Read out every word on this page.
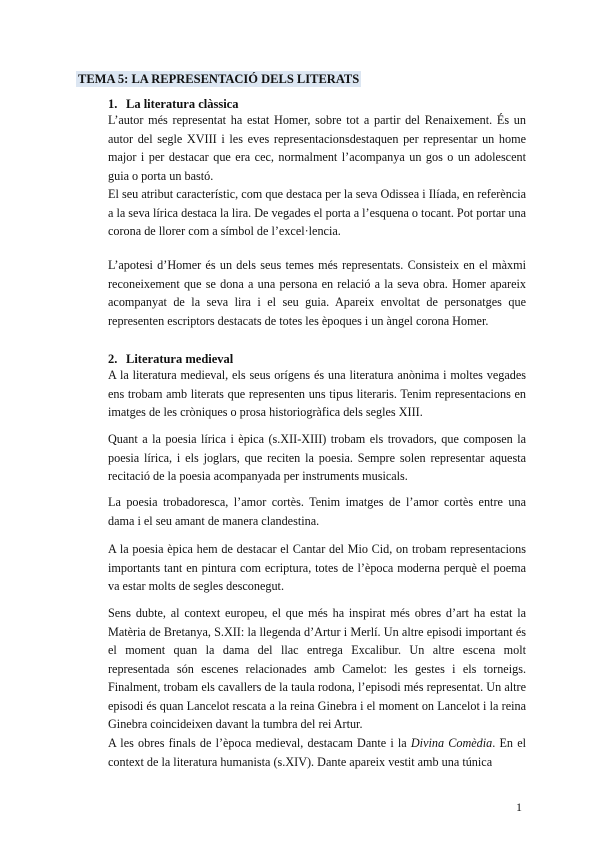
TEMA 5: LA REPRESENTACIÓ DELS LITERATS
1. La literatura clàssica

L’autor més representat ha estat Homer, sobre tot a partir del Renaixement. És un autor del segle XVIII i les eves representacionsdestaquen per representar un home major i per destacar que era cec, normalment l’acompanya un gos o un adolescent guia o porta un bastó.

El seu atribut característic, com que destaca per la seva Odissea i Ilíada, en referència a la seva lírica destaca la lira. De vegades el porta a l’esquena o tocant. Pot portar una corona de llorer com a símbol de l’excel·lencia.

L’apotesi d’Homer és un dels seus temes més representats. Consisteix en el màxmi reconeixement que se dona a una persona en relació a la seva obra. Homer apareix acompanyat de la seva lira i el seu guia. Apareix envoltat de personatges que representen escriptors destacats de totes les èpoques i un àngel corona Homer.

2. Literatura medieval

A la literatura medieval, els seus orígens és una literatura anònima i moltes vegades ens trobam amb literats que representen uns tipus literaris. Tenim representacions en imatges de les cròniques o prosa historiogràfica dels segles XIII.

Quant a la poesia lírica i èpica (s.XII-XIII) trobam els trovadors, que composen la poesia lírica, i els joglars, que reciten la poesia. Sempre solen representar aquesta recitació de la poesia acompanyada per instruments musicals.

La poesia trobadoresca, l’amor cortès. Tenim imatges de l’amor cortès entre una dama i el seu amant de manera clandestina.

A la poesia èpica hem de destacar el Cantar del Mio Cid, on trobam representacions importants tant en pintura com ecriptura, totes de l’època moderna perquè el poema va estar molts de segles desconegut.

Sens dubte, al context europeu, el que més ha inspirat més obres d’art ha estat la Matèria de Bretanya, S.XII: la llegenda d’Artur i Merlí. Un altre episodi important és el moment quan la dama del llac entrega Excalibur. Un altre escena molt representada són escenes relacionades amb Camelot: les gestes i els torneigs. Finalment, trobam els cavallers de la taula rodona, l’episodi més representat. Un altre episodi és quan Lancelot rescata a la reina Ginebra i el moment on Lancelot i la reina Ginebra coincideixen davant la tumbra del rei Artur.

A les obres finals de l’època medieval, destacam Dante i la Divina Comèdia. En el context de la literatura humanista (s.XIV). Dante apareix vestit amb una túnica

1
